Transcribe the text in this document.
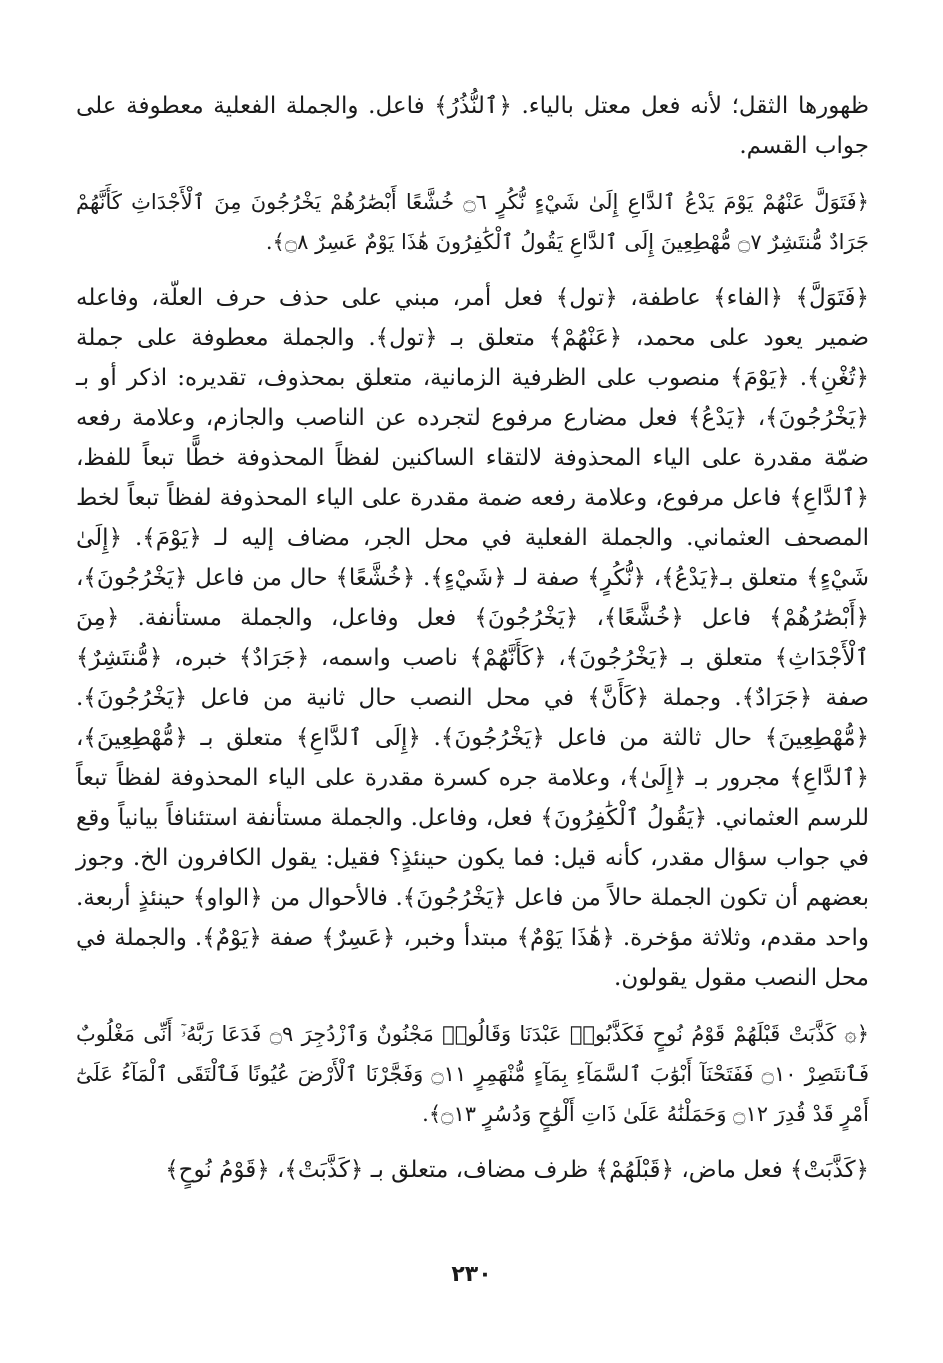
ظهورها الثقل؛ لأنه فعل معتل بالياء. ﴿ٱلنُّذُرُ﴾ فاعل. والجملة الفعلية معطوفة على جواب القسم.

﴿فَتَوَلَّ عَنْهُمْ يَوْمَ يَدْعُ ٱلدَّاعِ إِلَىٰ شَيْءٍ نُّكُرٍ ۝٦ خُشَّعًا أَبْصَٰرُهُمْ يَخْرُجُونَ مِنَ ٱلْأَجْدَاثِ كَأَنَّهُمْ جَرَادٌ مُّنتَشِرٌ ۝٧ مُّهْطِعِينَ إِلَى ٱلدَّاعِ يَقُولُ ٱلْكَٰفِرُونَ هَٰذَا يَوْمٌ عَسِرٌ ۝٨﴾.

﴿فَتَوَلَّ﴾ ﴿الفاء﴾ عاطفة، ﴿تول﴾ فعل أمر، مبني على حذف حرف العلّة، وفاعله ضمير يعود على محمد، ﴿عَنْهُمْ﴾ متعلق بـ ﴿تول﴾. والجملة معطوفة على جملة ﴿تُغْنِ﴾. ﴿يَوْمَ﴾ منصوب على الظرفية الزمانية، متعلق بمحذوف، تقديره: اذكر أو بـ ﴿يَخْرُجُونَ﴾، ﴿يَدْعُ﴾ فعل مضارع مرفوع لتجرده عن الناصب والجازم، وعلامة رفعه ضمّة مقدرة على الياء المحذوفة لالتقاء الساكنين لفظاً المحذوفة خطًّا تبعاً للفظ، ﴿ٱلدَّاعِ﴾ فاعل مرفوع، وعلامة رفعه ضمة مقدرة على الياء المحذوفة لفظاً تبعاً لخط المصحف العثماني. والجملة الفعلية في محل الجر، مضاف إليه لـ ﴿يَوْمَ﴾. ﴿إِلَىٰ شَيْءٍ﴾ متعلق بـ﴿يَدْعُ﴾، ﴿نُّكُرٍ﴾ صفة لـ ﴿شَيْءٍ﴾. ﴿خُشَّعًا﴾ حال من فاعل ﴿يَخْرُجُونَ﴾، ﴿أَبْصَٰرُهُمْ﴾ فاعل ﴿خُشَّعًا﴾، ﴿يَخْرُجُونَ﴾ فعل وفاعل، والجملة مستأنفة. ﴿مِنَ ٱلْأَجْدَاثِ﴾ متعلق بـ ﴿يَخْرُجُونَ﴾، ﴿كَأَنَّهُمْ﴾ ناصب واسمه، ﴿جَرَادٌ﴾ خبره، ﴿مُّنتَشِرٌ﴾ صفة ﴿جَرَادٌ﴾. وجملة ﴿كَأَنَّ﴾ في محل النصب حال ثانية من فاعل ﴿يَخْرُجُونَ﴾. ﴿مُّهْطِعِينَ﴾ حال ثالثة من فاعل ﴿يَخْرُجُونَ﴾. ﴿إِلَى ٱلدَّاعِ﴾ متعلق بـ ﴿مُّهْطِعِينَ﴾، ﴿ٱلدَّاعِ﴾ مجرور بـ ﴿إِلَىٰ﴾، وعلامة جره كسرة مقدرة على الياء المحذوفة لفظاً تبعاً للرسم العثماني. ﴿يَقُولُ ٱلْكَٰفِرُونَ﴾ فعل، وفاعل. والجملة مستأنفة استئنافاً بيانياً وقع في جواب سؤال مقدر، كأنه قيل: فما يكون حينئذٍ؟ فقيل: يقول الكافرون الخ. وجوز بعضهم أن تكون الجملة حالاً من فاعل ﴿يَخْرُجُونَ﴾. فالأحوال من ﴿الواو﴾ حينئذٍ أربعة. واحد مقدم، وثلاثة مؤخرة. ﴿هَٰذَا يَوْمٌ﴾ مبتدأ وخبر، ﴿عَسِرٌ﴾ صفة ﴿يَوْمٌ﴾. والجملة في محل النصب مقول يقولون.

﴿۞ كَذَّبَتْ قَبْلَهُمْ قَوْمُ نُوحٍ فَكَذَّبُوا۟ عَبْدَنَا وَقَالُوا۟ مَجْنُونٌ وَٱزْدُجِرَ ۝٩ فَدَعَا رَبَّهُۥٓ أَنِّى مَغْلُوبٌ فَٱنتَصِرْ ۝١٠ فَفَتَحْنَآ أَبْوَٰبَ ٱلسَّمَآءِ بِمَآءٍ مُّنْهَمِرٍ ۝١١ وَفَجَّرْنَا ٱلْأَرْضَ عُيُونًا فَٱلْتَقَى ٱلْمَآءُ عَلَىٰٓ أَمْرٍ قَدْ قُدِرَ ۝١٢ وَحَمَلْنَٰهُ عَلَىٰ ذَاتِ أَلْوَٰحٍ وَدُسُرٍ ۝١٣﴾.

﴿كَذَّبَتْ﴾ فعل ماض، ﴿قَبْلَهُمْ﴾ ظرف مضاف، متعلق بـ ﴿كَذَّبَتْ﴾، ﴿قَوْمُ نُوحٍ﴾

٢٣٠
